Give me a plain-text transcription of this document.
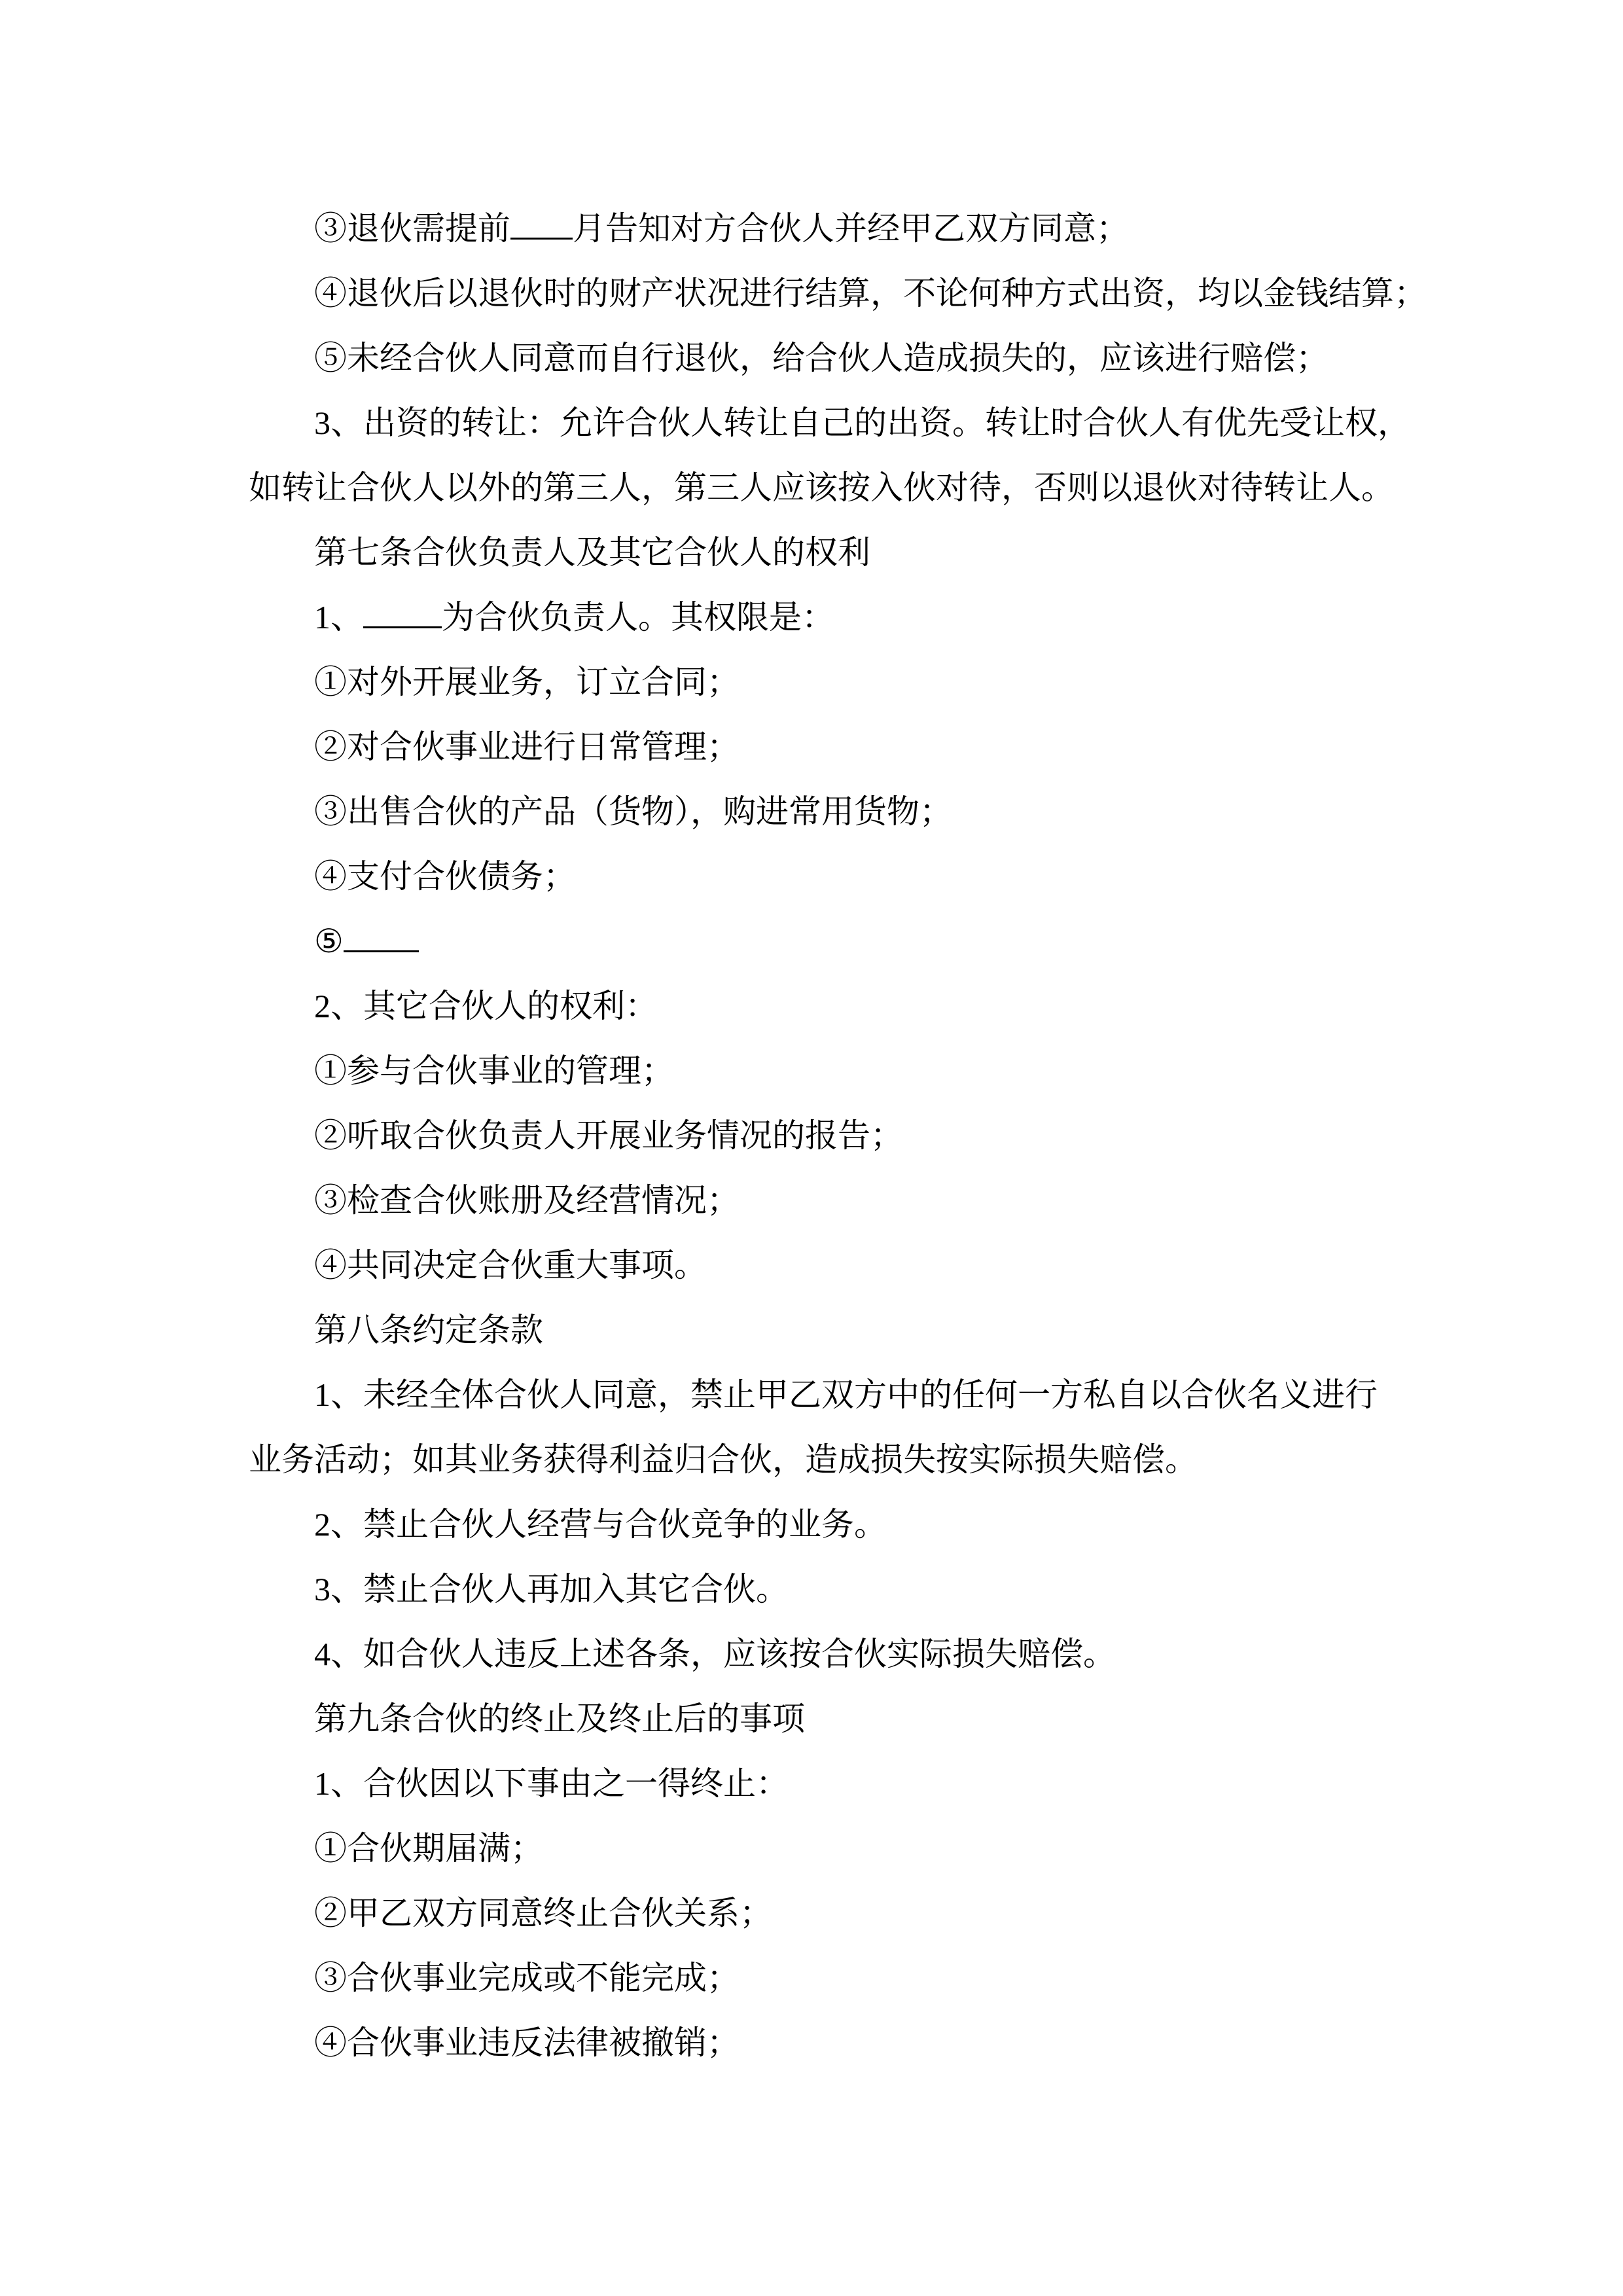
③退伙需提前 月告知对方合伙人并经甲乙双方同意；
④退伙后以退伙时的财产状况进行结算，不论何种方式出资，均以金钱结算；
⑤未经合伙人同意而自行退伙，给合伙人造成损失的，应该进行赔偿；
3、出资的转让：允许合伙人转让自己的出资。转让时合伙人有优先受让权，
如转让合伙人以外的第三人，第三人应该按入伙对待，否则以退伙对待转让人。
第七条合伙负责人及其它合伙人的权利
1、 为合伙负责人。其权限是：
①对外开展业务，订立合同；
②对合伙事业进行日常管理；
③出售合伙的产品（货物），购进常用货物；
④支付合伙债务；
⑤
2、其它合伙人的权利：
①参与合伙事业的管理；
②听取合伙负责人开展业务情况的报告；
③检查合伙账册及经营情况；
④共同决定合伙重大事项。
第八条约定条款
1、未经全体合伙人同意，禁止甲乙双方中的任何一方私自以合伙名义进行
业务活动；如其业务获得利益归合伙，造成损失按实际损失赔偿。
2、禁止合伙人经营与合伙竞争的业务。
3、禁止合伙人再加入其它合伙。
4、如合伙人违反上述各条，应该按合伙实际损失赔偿。
第九条合伙的终止及终止后的事项
1、合伙因以下事由之一得终止：
①合伙期届满；
②甲乙双方同意终止合伙关系；
③合伙事业完成或不能完成；
④合伙事业违反法律被撤销；
